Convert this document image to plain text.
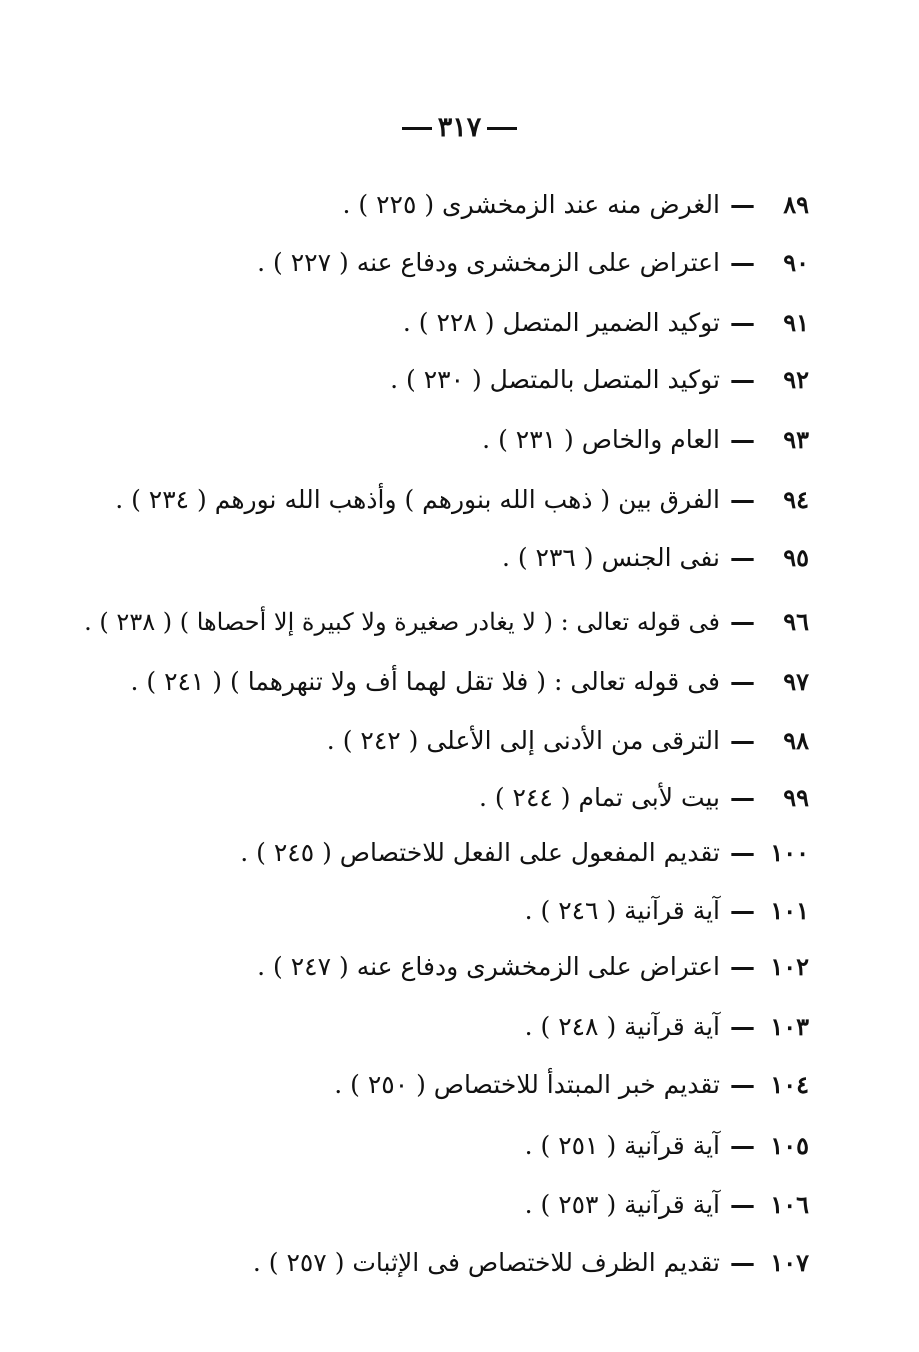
٣١٧
٨٩—الغرض منه عند الزمخشرى ( ٢٢٥ ) .
٩٠—اعتراض على الزمخشرى ودفاع عنه ( ٢٢٧ ) .
٩١—توكيد الضمير المتصل ( ٢٢٨ ) .
٩٢—توكيد المتصل بالمتصل ( ٢٣٠ ) .
٩٣—العام والخاص ( ٢٣١ ) .
٩٤—الفرق بين ( ذهب الله بنورهم ) وأذهب الله نورهم ( ٢٣٤ ) .
٩٥—نفى الجنس ( ٢٣٦ ) .
٩٦—فى قوله تعالى : ( لا يغادر صغيرة ولا كبيرة إلا أحصاها ) ( ٢٣٨ ) .
٩٧—فى قوله تعالى : ( فلا تقل لهما أف ولا تنهرهما ) ( ٢٤١ ) .
٩٨—الترقى من الأدنى إلى الأعلى ( ٢٤٢ ) .
٩٩—بيت لأبى تمام ( ٢٤٤ ) .
١٠٠—تقديم المفعول على الفعل للاختصاص ( ٢٤٥ ) .
١٠١—آية قرآنية ( ٢٤٦ ) .
١٠٢—اعتراض على الزمخشرى ودفاع عنه ( ٢٤٧ ) .
١٠٣—آية قرآنية ( ٢٤٨ ) .
١٠٤—تقديم خبر المبتدأ للاختصاص ( ٢٥٠ ) .
١٠٥—آية قرآنية ( ٢٥١ ) .
١٠٦—آية قرآنية ( ٢٥٣ ) .
١٠٧—تقديم الظرف للاختصاص فى الإثبات ( ٢٥٧ ) .
